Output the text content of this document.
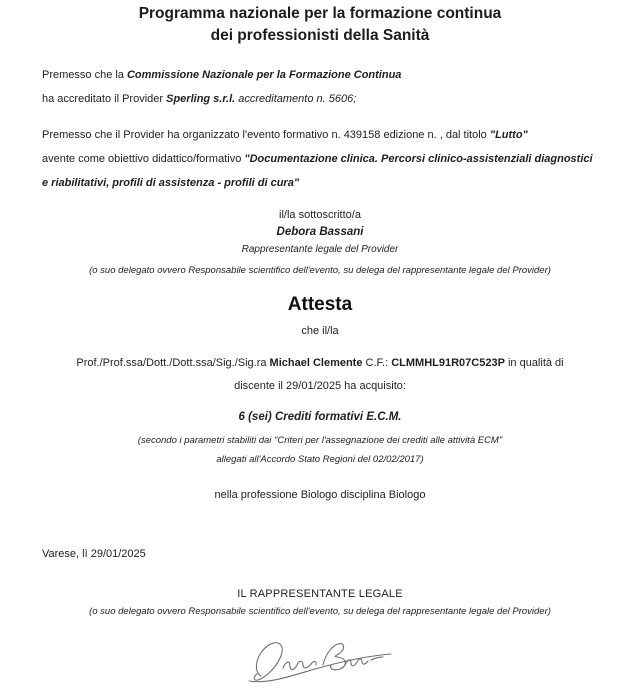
Programma nazionale per la formazione continua
dei professionisti della Sanità

Premesso che la Commissione Nazionale per la Formazione Continua
ha accreditato il Provider Sperling s.r.l. accreditamento n. 5606;

Premesso che il Provider ha organizzato l'evento formativo n. 439158 edizione n. , dal titolo "Lutto"
avente come obiettivo didattico/formativo "Documentazione clinica. Percorsi clinico-assistenziali diagnostici e riabilitativi, profili di assistenza - profili di cura"

il/la sottoscritto/a
Debora Bassani
Rappresentante legale del Provider
(o suo delegato ovvero Responsabile scientifico dell'evento, su delega del rappresentante legale del Provider)
Attesta
che il/la

Prof./Prof.ssa/Dott./Dott.ssa/Sig./Sig.ra Michael Clemente C.F.: CLMMHL91R07C523P in qualità di discente il 29/01/2025 ha acquisito:

6 (sei) Crediti formativi E.C.M.
(secondo i parametri stabiliti dai "Criteri per l'assegnazione dei crediti alle attività ECM"
allegati all'Accordo Stato Regioni del 02/02/2017)
nella professione Biologo disciplina Biologo
Varese, lì 29/01/2025
IL RAPPRESENTANTE LEGALE
(o suo delegato ovvero Responsabile scientifico dell'evento, su delega del rappresentante legale del Provider)
